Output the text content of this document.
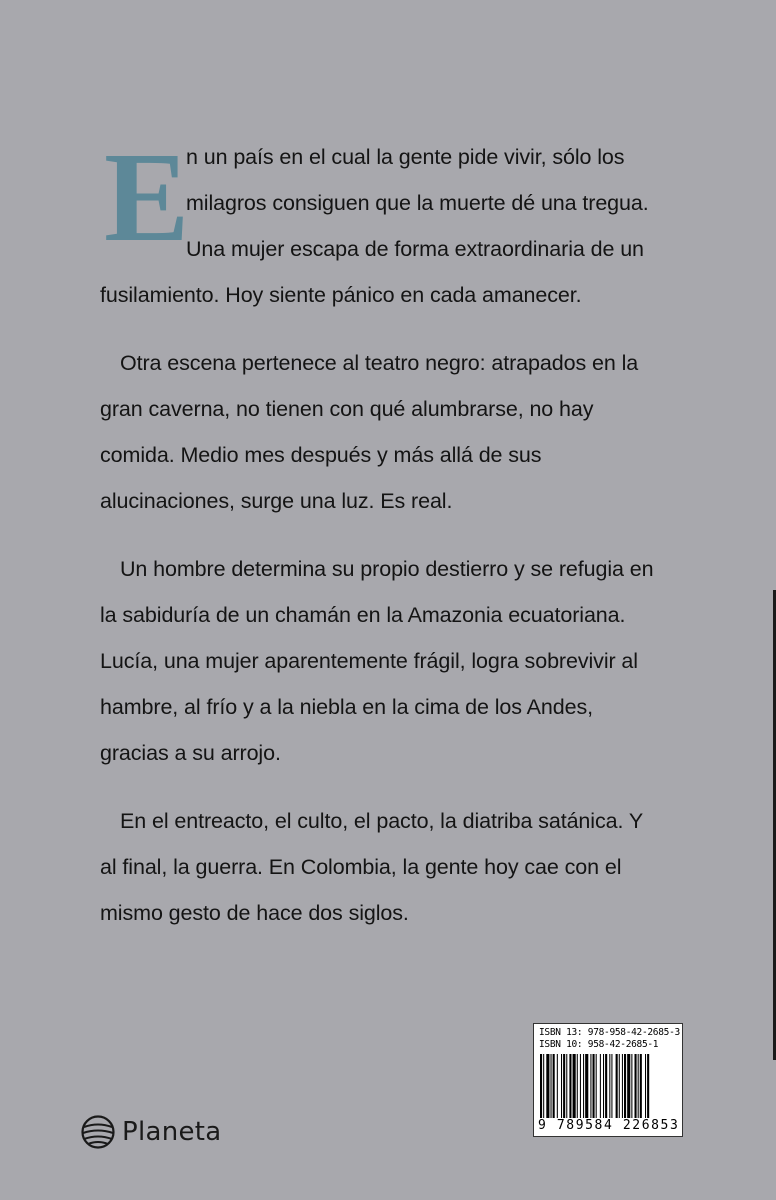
E
n un país en el cual la gente pide vivir, sólo los milagros consiguen que la muerte dé una tregua. Una mujer escapa de forma extraordinaria de un fusilamiento. Hoy siente pánico en cada amanecer.

Otra escena pertenece al teatro negro: atrapados en la gran caverna, no tienen con qué alumbrarse, no hay comida. Medio mes después y más allá de sus alucinaciones, surge una luz. Es real.

Un hombre determina su propio destierro y se refugia en la sabiduría de un chamán en la Amazonia ecuatoriana. Lucía, una mujer aparentemente frágil, logra sobrevivir al hambre, al frío y a la niebla en la cima de los Andes, gracias a su arrojo.

En el entreacto, el culto, el pacto, la diatriba satánica. Y al final, la guerra. En Colombia, la gente hoy cae con el mismo gesto de hace dos siglos.

ISBN 13: 978-958-42-2685-3
ISBN 10: 958-42-2685-1
9 789584 226853
Planeta
